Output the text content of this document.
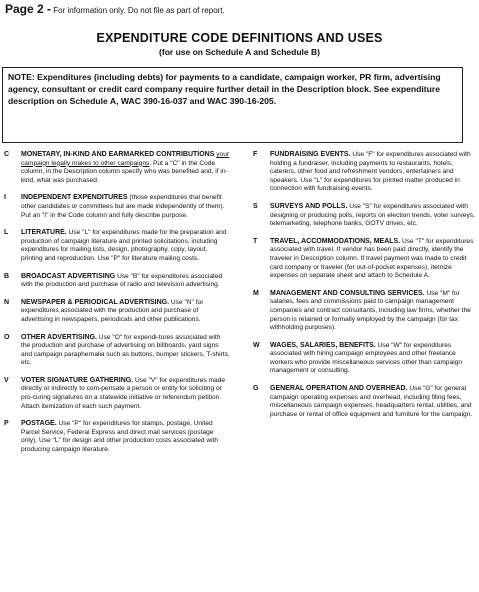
Page 2 - For information only. Do not file as part of report.
EXPENDITURE CODE DEFINITIONS AND USES
(for use on Schedule A and Schedule B)
NOTE: Expenditures (including debts) for payments to a candidate, campaign worker, PR firm, advertising agency, consultant or credit card company require further detail in the Description block. See expenditure description on Schedule A, WAC 390-16-037 and WAC 390-16-205.
C	MONETARY, IN-KIND AND EARMARKED CONTRIBUTIONS your campaign legally makes to other campaigns. Put a "C" in the Code column, in the Description column specify who was benefited and, if in-kind, what was purchased.
I	INDEPENDENT EXPENDITURES (those expenditures that benefit other candidates or committees but are made independently of them). Put an "I" in the Code column and fully describe purpose.
L	LITERATURE. Use "L" for expenditures made for the preparation and production of campaign literature and printed solicitations, including expenditures for mailing lists, design, photography, copy, layout, printing and reproduction. Use "P" for literature mailing costs.
B	BROADCAST ADVERTISING Use "B" for expenditures associated with the production and purchase of radio and television advertising.
N	NEWSPAPER & PERIODICAL ADVERTISING. Use "N" for expenditures associated with the production and purchase of advertising in newspapers, periodicals and other publications.
O	OTHER ADVERTISING. Use "O" for expendi-tures associated with the production and purchase of advertising on billboards, yard signs and campaign paraphernalia such as buttons, bumper stickers, T-shirts, etc.
V	VOTER SIGNATURE GATHERING. Use "V" for expenditures made directly or indirectly to com-pensate a person or entity for soliciting or pro-curing signatures on a statewide initiative or referendum petition. Attach itemization of each such payment.
P	POSTAGE. Use "P" for expenditures for stamps, postage, United Parcel Service, Federal Express and direct mail services (postage only). Use "L" for design and other production costs associated with producing campaign literature.
F	FUNDRAISING EVENTS. Use "F" for expenditures associated with holding a fundraiser, including payments to restaurants, hotels, caterers, other food and refreshment vendors, entertainers and speakers. Use "L" for expenditures for printed matter produced in connection with fundraising events.
S	SURVEYS AND POLLS. Use "S" for expenditures associated with designing or producing polls, reports on election trends, voter surveys, telemarketing, telephone banks, GOTV drives, etc.
T	TRAVEL, ACCOMMODATIONS, MEALS. Use "T" for expenditures associated with travel. If vendor has been paid directly, identify the traveler in Description column. If travel payment was made to credit card company or traveler (for out-of-pocket expenses), itemize expenses on separate sheet and attach to Schedule A.
M	MANAGEMENT AND CONSULTING SERVICES. Use "M" for salaries, fees and commissions paid to campaign management companies and contract consultants, including law firms, whether the person is retained or formally employed by the campaign (for tax withholding purposes).
W	WAGES, SALARIES, BENEFITS. Use "W" for expenditures associated with hiring campaign employees and other freelance workers who provide miscellaneous services other than campaign management or consulting.
G	GENERAL OPERATION AND OVERHEAD. Use "G" for general campaign operating expenses and overhead, including filing fees, miscellaneous campaign expenses, headquarters rental, utilities, and purchase or rental of office equipment and furniture for the campaign.
